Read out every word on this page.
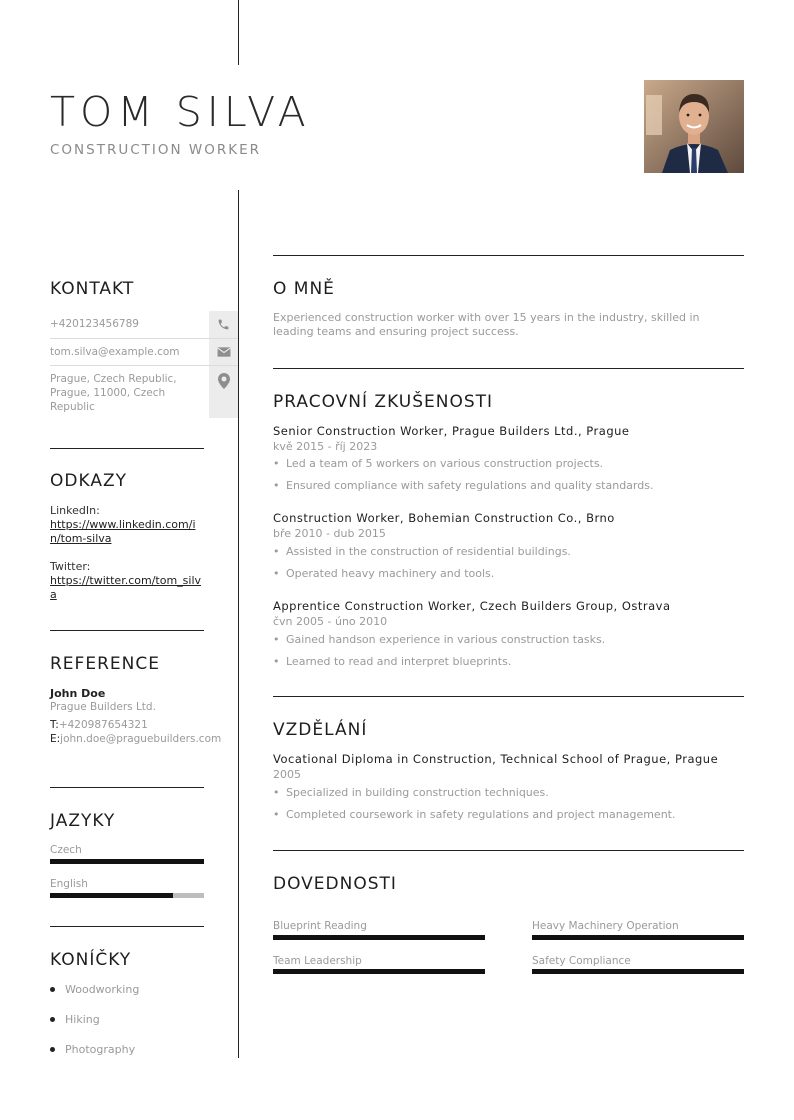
TOM SILVA
CONSTRUCTION WORKER
KONTAKT
+420123456789
tom.silva@example.com
Prague, Czech Republic, Prague, 11000, Czech Republic
ODKAZY
LinkedIn:
https://www.linkedin.com/in/tom-silva
Twitter:
https://twitter.com/tom_silva
REFERENCE
John Doe
Prague Builders Ltd.
T:+420987654321
E:john.doe@praguebuilders.com
JAZYKY
Czech
English
KONÍČKY
Woodworking
Hiking
Photography
O MNĚ
Experienced construction worker with over 15 years in the industry, skilled in leading teams and ensuring project success.
PRACOVNÍ ZKUŠENOSTI
Senior Construction Worker, Prague Builders Ltd., Prague
kvě 2015 - říj 2023
• Led a team of 5 workers on various construction projects.
• Ensured compliance with safety regulations and quality standards.
Construction Worker, Bohemian Construction Co., Brno
bře 2010 - dub 2015
• Assisted in the construction of residential buildings.
• Operated heavy machinery and tools.
Apprentice Construction Worker, Czech Builders Group, Ostrava
čvn 2005 - úno 2010
• Gained handson experience in various construction tasks.
• Learned to read and interpret blueprints.
VZDĚLÁNÍ
Vocational Diploma in Construction, Technical School of Prague, Prague
2005
• Specialized in building construction techniques.
• Completed coursework in safety regulations and project management.
DOVEDNOSTI
Blueprint Reading	Heavy Machinery Operation
Team Leadership	Safety Compliance
